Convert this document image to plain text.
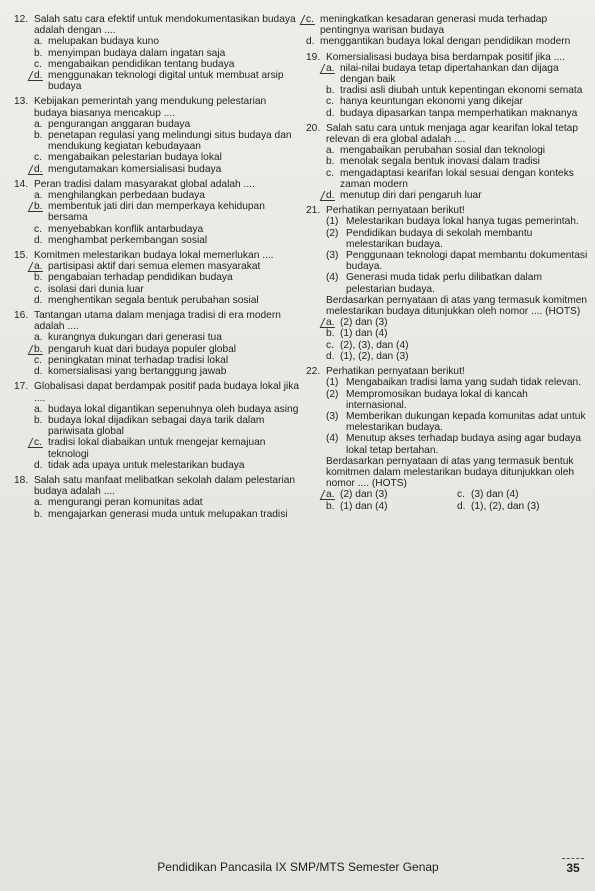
12. Salah satu cara efektif untuk mendokumentasikan budaya adalah dengan ....
a. melupakan budaya kuno
b. menyimpan budaya dalam ingatan saja
c. mengabaikan pendidikan tentang budaya
d. menggunakan teknologi digital untuk membuat arsip budaya
13. Kebijakan pemerintah yang mendukung pelestarian budaya biasanya mencakup ....
a. pengurangan anggaran budaya
b. penetapan regulasi yang melindungi situs budaya dan mendukung kegiatan kebudayaan
c. mengabaikan pelestarian budaya lokal
d. mengutamakan komersialisasi budaya
14. Peran tradisi dalam masyarakat global adalah ....
a. menghilangkan perbedaan budaya
b. membentuk jati diri dan memperkaya kehidupan bersama
c. menyebabkan konflik antarbudaya
d. menghambat perkembangan sosial
15. Komitmen melestarikan budaya lokal memerlukan ....
a. partisipasi aktif dari semua elemen masyarakat
b. pengabaian terhadap pendidikan budaya
c. isolasi dari dunia luar
d. menghentikan segala bentuk perubahan sosial
16. Tantangan utama dalam menjaga tradisi di era modern adalah ....
a. kurangnya dukungan dari generasi tua
b. pengaruh kuat dari budaya populer global
c. peningkatan minat terhadap tradisi lokal
d. komersialisasi yang bertanggung jawab
17. Globalisasi dapat berdampak positif pada budaya lokal jika ....
a. budaya lokal digantikan sepenuhnya oleh budaya asing
b. budaya lokal dijadikan sebagai daya tarik dalam pariwisata global
c. tradisi lokal diabaikan untuk mengejar kemajuan teknologi
d. tidak ada upaya untuk melestarikan budaya
18. Salah satu manfaat melibatkan sekolah dalam pelestarian budaya adalah ....
a. mengurangi peran komunitas adat
b. mengajarkan generasi muda untuk melupakan tradisi
c. meningkatkan kesadaran generasi muda terhadap pentingnya warisan budaya
d. menggantikan budaya lokal dengan pendidikan modern
19. Komersialisasi budaya bisa berdampak positif jika ....
a. nilai-nilai budaya tetap dipertahankan dan dijaga dengan baik
b. tradisi asli diubah untuk kepentingan ekonomi semata
c. hanya keuntungan ekonomi yang dikejar
d. budaya dipasarkan tanpa memperhatikan maknanya
20. Salah satu cara untuk menjaga agar kearifan lokal tetap relevan di era global adalah ....
a. mengabaikan perubahan sosial dan teknologi
b. menolak segala bentuk inovasi dalam tradisi
c. mengadaptasi kearifan lokal sesuai dengan konteks zaman modern
d. menutup diri dari pengaruh luar
21. Perhatikan pernyataan berikut!
(1) Melestarikan budaya lokal hanya tugas pemerintah.
(2) Pendidikan budaya di sekolah membantu melestarikan budaya.
(3) Penggunaan teknologi dapat membantu dokumentasi budaya.
(4) Generasi muda tidak perlu dilibatkan dalam pelestarian budaya.
Berdasarkan pernyataan di atas yang termasuk komitmen melestarikan budaya ditunjukkan oleh nomor .... (HOTS)
a. (2) dan (3)
b. (1) dan (4)
c. (2), (3), dan (4)
d. (1), (2), dan (3)
22. Perhatikan pernyataan berikut!
(1) Mengabaikan tradisi lama yang sudah tidak relevan.
(2) Mempromosikan budaya lokal di kancah internasional.
(3) Memberikan dukungan kepada komunitas adat untuk melestarikan budaya.
(4) Menutup akses terhadap budaya asing agar budaya lokal tetap bertahan.
Berdasarkan pernyataan di atas yang termasuk bentuk komitmen dalam melestarikan budaya ditunjukkan oleh nomor .... (HOTS)
a. (2) dan (3)	c. (3) dan (4)
b. (1) dan (4)	d. (1), (2), dan (3)
Pendidikan Pancasila IX SMP/MTS Semester Genap	35
